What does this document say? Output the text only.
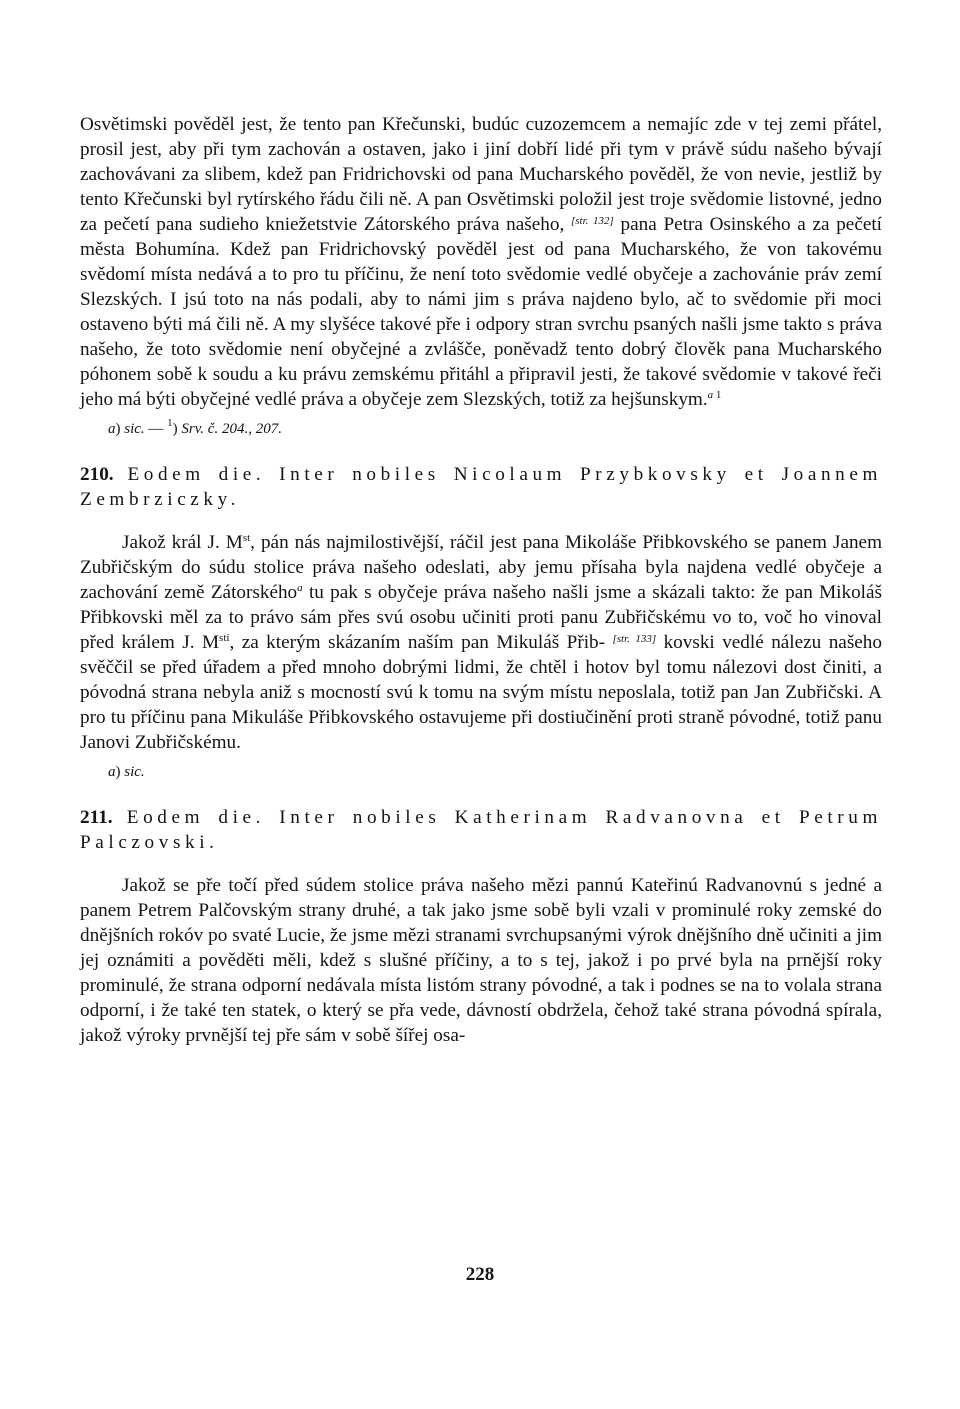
Osvětimski pověděl jest, že tento pan Křečunski, budúc cuzozemcem a nemajíc zde v tej zemi přátel, prosil jest, aby při tym zachován a ostaven, jako i jiní dobří lidé při tym v právě súdu našeho bývají zachovávani za slibem, kdež pan Fridrichovski od pana Mucharského pověděl, že von nevie, jestliž by tento Křečunski byl rytírského řádu čili ně. A pan Osvětimski položil jest troje svědomie listovné, jedno za pečetí pana sudieho kniežetstvie Zátorského práva našeho, [str. 132] pana Petra Osinského a za pečetí města Bohumína. Kdež pan Fridrichovský pověděl jest od pana Mucharského, že von takovému svědomí místa nedává a to pro tu příčinu, že není toto svědomie vedlé obyčeje a zachovánie práv zemí Slezských. I jsú toto na nás podali, aby to námi jim s práva najdeno bylo, ač to svědomie při moci ostaveno býti má čili ně. A my slyšéce takové pře i odpory stran svrchu psaných našli jsme takto s práva našeho, že toto svědomie není obyčejné a zvlášče, poněvadž tento dobrý člověk pana Mucharského póhonem sobě k soudu a ku právu zemskému přitáhl a připravil jesti, že takové svědomie v takové řeči jeho má býti obyčejné vedlé práva a obyčeje zem Slezských, totiž za hejšunskym.$^{a 1}$

a) sic. — $^1$) Srv. č. 204., 207.

210. Eodem die. Inter nobiles Nicolaum Przybkovsky et Joannem Zembrziczky.

Jakož král J. Mst, pán nás najmilostivější, ráčil jest pana Mikoláše Přibkovského se panem Janem Zubřičským do súdu stolice práva našeho odeslati, aby jemu přísaha byla najdena vedlé obyčeje a zachování země Zátorského$^a$ tu pak s obyčeje práva našeho našli jsme a skázali takto: že pan Mikoláš Přibkovski měl za to právo sám přes svú osobu učiniti proti panu Zubřičskému vo to, voč ho vinoval před králem J. $M^{stí}$, za kterým skázaním naším pan Mikuláš Přib- [str. 133] kovski vedlé nálezu našeho svěččil se před úřadem a před mnoho dobrými lidmi, že chtěl i hotov byl tomu nálezovi dost činiti, a póvodná strana nebyla aniž s mocností svú k tomu na svým místu neposlala, totiž pan Jan Zubřičski. A pro tu příčinu pana Mikuláše Přibkovského ostavujeme při dostiučinění proti straně póvodné, totiž panu Janovi Zubřičskému.

a) sic.

211. Eodem die. Inter nobiles Katherinam Radvanovna et Petrum Palczovski.

Jakož se pře točí před súdem stolice práva našeho mězi pannú Kateřinú Radvanovnú s jedné a panem Petrem Palčovským strany druhé, a tak jako jsme sobě byli vzali v prominulé roky zemské do dnějšních rokóv po svaté Lucie, že jsme mězi stranami svrchupsanými výrok dnějšního dně učiniti a jim jej oznámiti a pověděti měli, kdež s slušné příčiny, a to s tej, jakož i po prvé byla na prnější roky prominulé, že strana odporní nedávala místa listóm strany póvodné, a tak i podnes se na to volala strana odporní, i že také ten statek, o který se přa vede, dávností obdržela, čehož také strana póvodná spírala, jakož výroky prvnější tej pře sám v sobě šířej osa-

228
